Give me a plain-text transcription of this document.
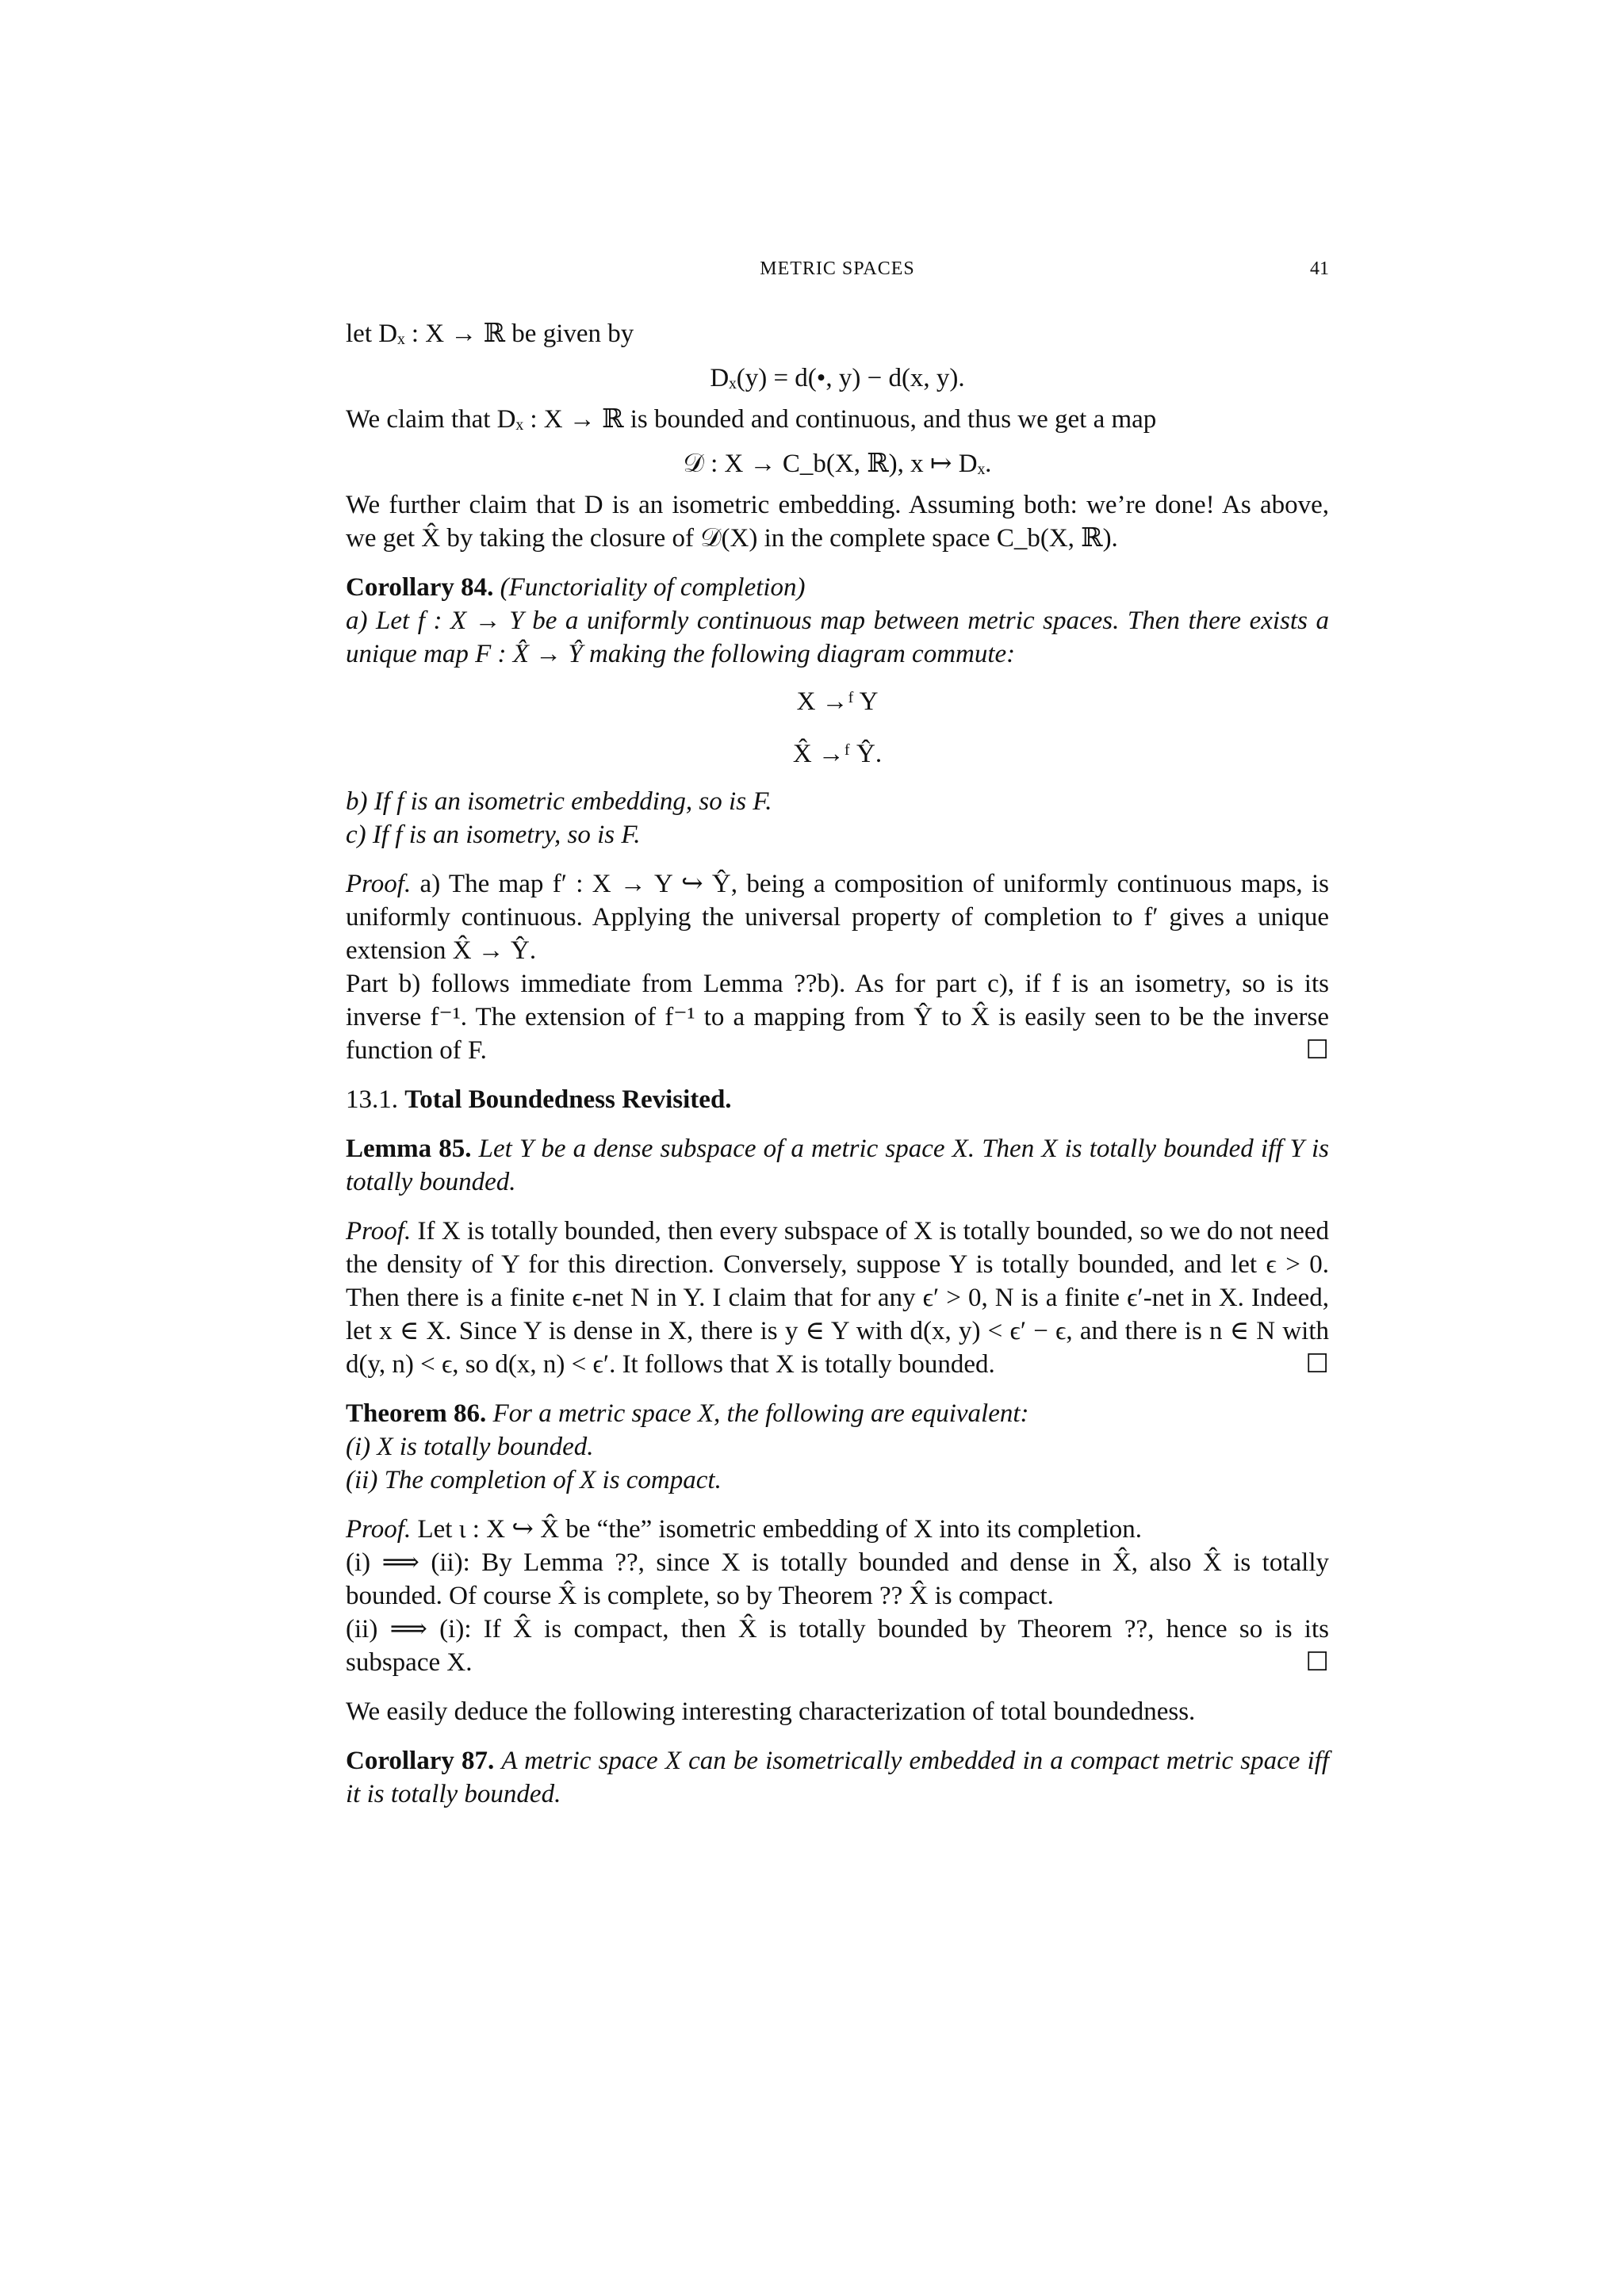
METRIC SPACES	41

let Dₓ : X → ℝ be given by

Dₓ(y) = d(•, y) − d(x, y).

We claim that Dₓ : X → ℝ is bounded and continuous, and thus we get a map

𝒟 : X → C_b(X, ℝ), x ↦ Dₓ.

We further claim that D is an isometric embedding. Assuming both: we’re done! As above, we get X̂ by taking the closure of 𝒟(X) in the complete space C_b(X, ℝ).

Corollary 84. (Functoriality of completion)

a) Let f : X → Y be a uniformly continuous map between metric spaces. Then there exists a unique map F : X̂ → Ŷ making the following diagram commute:

X →ᶠ Y
X̂ →ᶠ Ŷ.

b) If f is an isometric embedding, so is F.

c) If f is an isometry, so is F.

Proof. a) The map f′ : X → Y ↪ Ŷ, being a composition of uniformly continuous maps, is uniformly continuous. Applying the universal property of completion to f′ gives a unique extension X̂ → Ŷ.

Part b) follows immediate from Lemma ??b). As for part c), if f is an isometry, so is its inverse f⁻¹. The extension of f⁻¹ to a mapping from Ŷ to X̂ is easily seen to be the inverse function of F.	☐

13.1. Total Boundedness Revisited.

Lemma 85. Let Y be a dense subspace of a metric space X. Then X is totally bounded iff Y is totally bounded.

Proof. If X is totally bounded, then every subspace of X is totally bounded, so we do not need the density of Y for this direction. Conversely, suppose Y is totally bounded, and let ϵ > 0. Then there is a finite ϵ-net N in Y. I claim that for any ϵ′ > 0, N is a finite ϵ′-net in X. Indeed, let x ∈ X. Since Y is dense in X, there is y ∈ Y with d(x, y) < ϵ′ − ϵ, and there is n ∈ N with d(y, n) < ϵ, so d(x, n) < ϵ′. It follows that X is totally bounded.	☐

Theorem 86. For a metric space X, the following are equivalent:

(i) X is totally bounded.

(ii) The completion of X is compact.

Proof. Let ι : X ↪ X̂ be “the” isometric embedding of X into its completion.

(i) ⟹ (ii): By Lemma ??, since X is totally bounded and dense in X̂, also X̂ is totally bounded. Of course X̂ is complete, so by Theorem ?? X̂ is compact.

(ii) ⟹ (i): If X̂ is compact, then X̂ is totally bounded by Theorem ??, hence so is its subspace X.	☐

We easily deduce the following interesting characterization of total boundedness.

Corollary 87. A metric space X can be isometrically embedded in a compact metric space iff it is totally bounded.
